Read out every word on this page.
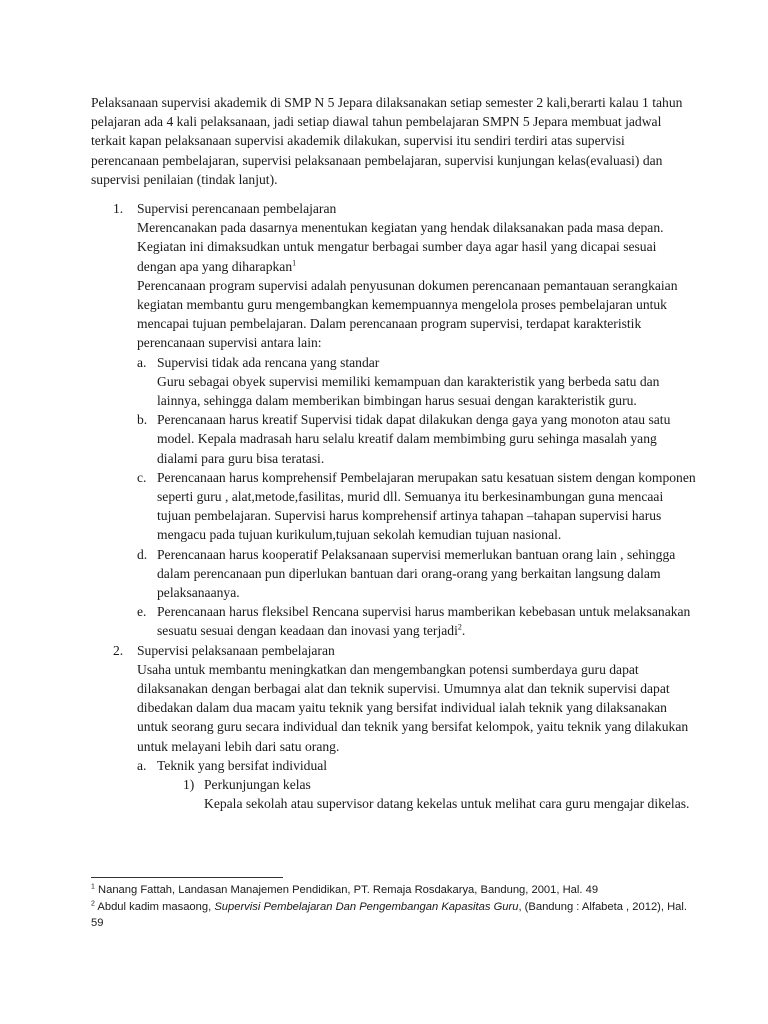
Pelaksanaan supervisi akademik di SMP N 5 Jepara dilaksanakan setiap semester 2 kali,berarti kalau 1 tahun pelajaran ada 4 kali pelaksanaan, jadi setiap diawal tahun pembelajaran SMPN 5 Jepara membuat jadwal terkait kapan pelaksanaan supervisi akademik dilakukan, supervisi itu sendiri terdiri atas supervisi perencanaan pembelajaran, supervisi pelaksanaan pembelajaran, supervisi kunjungan kelas(evaluasi) dan supervisi penilaian (tindak lanjut).

1. Supervisi perencanaan pembelajaran
Merencanakan pada dasarnya menentukan kegiatan yang hendak dilaksanakan pada masa depan. Kegiatan ini dimaksudkan untuk mengatur berbagai sumber daya agar hasil yang dicapai sesuai dengan apa yang diharapkan$^1$
Perencanaan program supervisi adalah penyusunan dokumen perencanaan pemantauan serangkaian kegiatan membantu guru mengembangkan kemempuannya mengelola proses pembelajaran untuk mencapai tujuan pembelajaran. Dalam perencanaan program supervisi, terdapat karakteristik perencanaan supervisi antara lain:
a. Supervisi tidak ada rencana yang standar
Guru sebagai obyek supervisi memiliki kemampuan dan karakteristik yang berbeda satu dan lainnya, sehingga dalam memberikan bimbingan harus sesuai dengan karakteristik guru.
b. Perencanaan harus kreatif Supervisi tidak dapat dilakukan denga gaya yang monoton atau satu model. Kepala madrasah haru selalu kreatif dalam membimbing guru sehinga masalah yang dialami para guru bisa teratasi.
c. Perencanaan harus komprehensif Pembelajaran merupakan satu kesatuan sistem dengan komponen seperti guru , alat,metode,fasilitas, murid dll. Semuanya itu berkesinambungan guna mencaai tujuan pembelajaran. Supervisi harus komprehensif artinya tahapan –tahapan supervisi harus mengacu pada tujuan kurikulum,tujuan sekolah kemudian tujuan nasional.
d. Perencanaan harus kooperatif Pelaksanaan supervisi memerlukan bantuan orang lain , sehingga dalam perencanaan pun diperlukan bantuan dari orang-orang yang berkaitan langsung dalam pelaksanaanya.
e. Perencanaan harus fleksibel Rencana supervisi harus mamberikan kebebasan untuk melaksanakan sesuatu sesuai dengan keadaan dan inovasi yang terjadi$^2$.
2. Supervisi pelaksanaan pembelajaran
Usaha untuk membantu meningkatkan dan mengembangkan potensi sumberdaya guru dapat dilaksanakan dengan berbagai alat dan teknik supervisi. Umumnya alat dan teknik supervisi dapat dibedakan dalam dua macam yaitu teknik yang bersifat individual ialah teknik yang dilaksanakan untuk seorang guru secara individual dan teknik yang bersifat kelompok, yaitu teknik yang dilakukan untuk melayani lebih dari satu orang.
a. Teknik yang bersifat individual
1) Perkunjungan kelas
Kepala sekolah atau supervisor datang kekelas untuk melihat cara guru mengajar dikelas.
$^1$ Nanang Fattah, Landasan Manajemen Pendidikan, PT. Remaja Rosdakarya, Bandung, 2001, Hal. 49
$^2$ Abdul kadim masaong, Supervisi Pembelajaran Dan Pengembangan Kapasitas Guru, (Bandung : Alfabeta , 2012), Hal. 59
